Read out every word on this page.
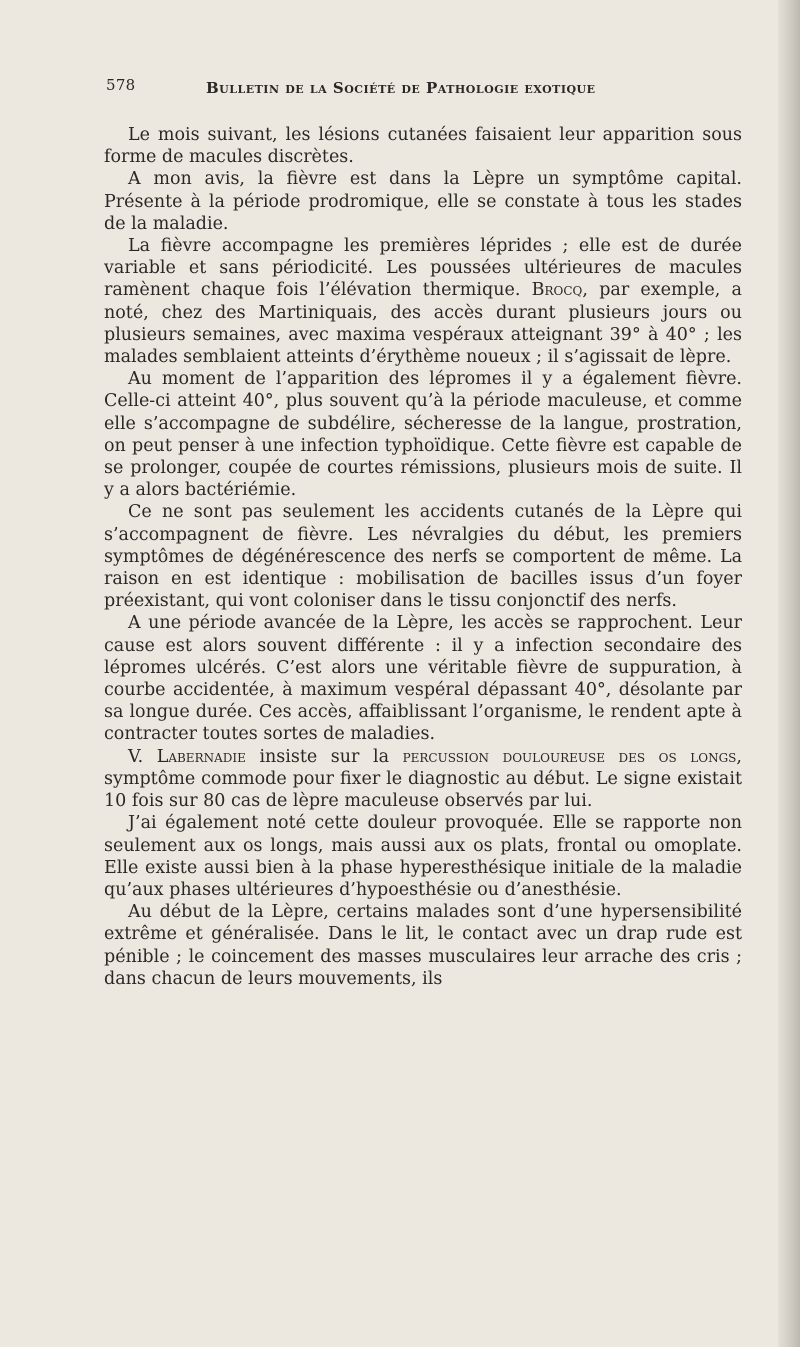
578	Bulletin de la Société de Pathologie exotique

Le mois suivant, les lésions cutanées faisaient leur apparition sous forme de macules discrètes.

A mon avis, la fièvre est dans la Lèpre un symptôme capital. Présente à la période prodromique, elle se constate à tous les stades de la maladie.

La fièvre accompagne les premières léprides ; elle est de durée variable et sans périodicité. Les poussées ultérieures de macules ramènent chaque fois l’élévation thermique. Brocq, par exemple, a noté, chez des Martiniquais, des accès durant plusieurs jours ou plusieurs semaines, avec maxima vespéraux atteignant 39° à 40° ; les malades semblaient atteints d’érythème noueux ; il s’agissait de lèpre.

Au moment de l’apparition des lépromes il y a également fièvre. Celle-ci atteint 40°, plus souvent qu’à la période maculeuse, et comme elle s’accompagne de subdélire, sécheresse de la langue, prostration, on peut penser à une infection typhoïdique. Cette fièvre est capable de se prolonger, coupée de courtes rémissions, plusieurs mois de suite. Il y a alors bactériémie.

Ce ne sont pas seulement les accidents cutanés de la Lèpre qui s’accompagnent de fièvre. Les névralgies du début, les premiers symptômes de dégénérescence des nerfs se comportent de même. La raison en est identique : mobilisation de bacilles issus d’un foyer préexistant, qui vont coloniser dans le tissu conjonctif des nerfs.

A une période avancée de la Lèpre, les accès se rapprochent. Leur cause est alors souvent différente : il y a infection secondaire des lépromes ulcérés. C’est alors une véritable fièvre de suppuration, à courbe accidentée, à maximum vespéral dépassant 40°, désolante par sa longue durée. Ces accès, affaiblissant l’organisme, le rendent apte à contracter toutes sortes de maladies.

V. Labernadie insiste sur la percussion douloureuse des os longs, symptôme commode pour fixer le diagnostic au début. Le signe existait 10 fois sur 80 cas de lèpre maculeuse observés par lui.

J’ai également noté cette douleur provoquée. Elle se rapporte non seulement aux os longs, mais aussi aux os plats, frontal ou omoplate. Elle existe aussi bien à la phase hyperesthésique initiale de la maladie qu’aux phases ultérieures d’hypoesthésie ou d’anesthésie.

Au début de la Lèpre, certains malades sont d’une hypersensibilité extrême et généralisée. Dans le lit, le contact avec un drap rude est pénible ; le coincement des masses musculaires leur arrache des cris ; dans chacun de leurs mouvements, ils
